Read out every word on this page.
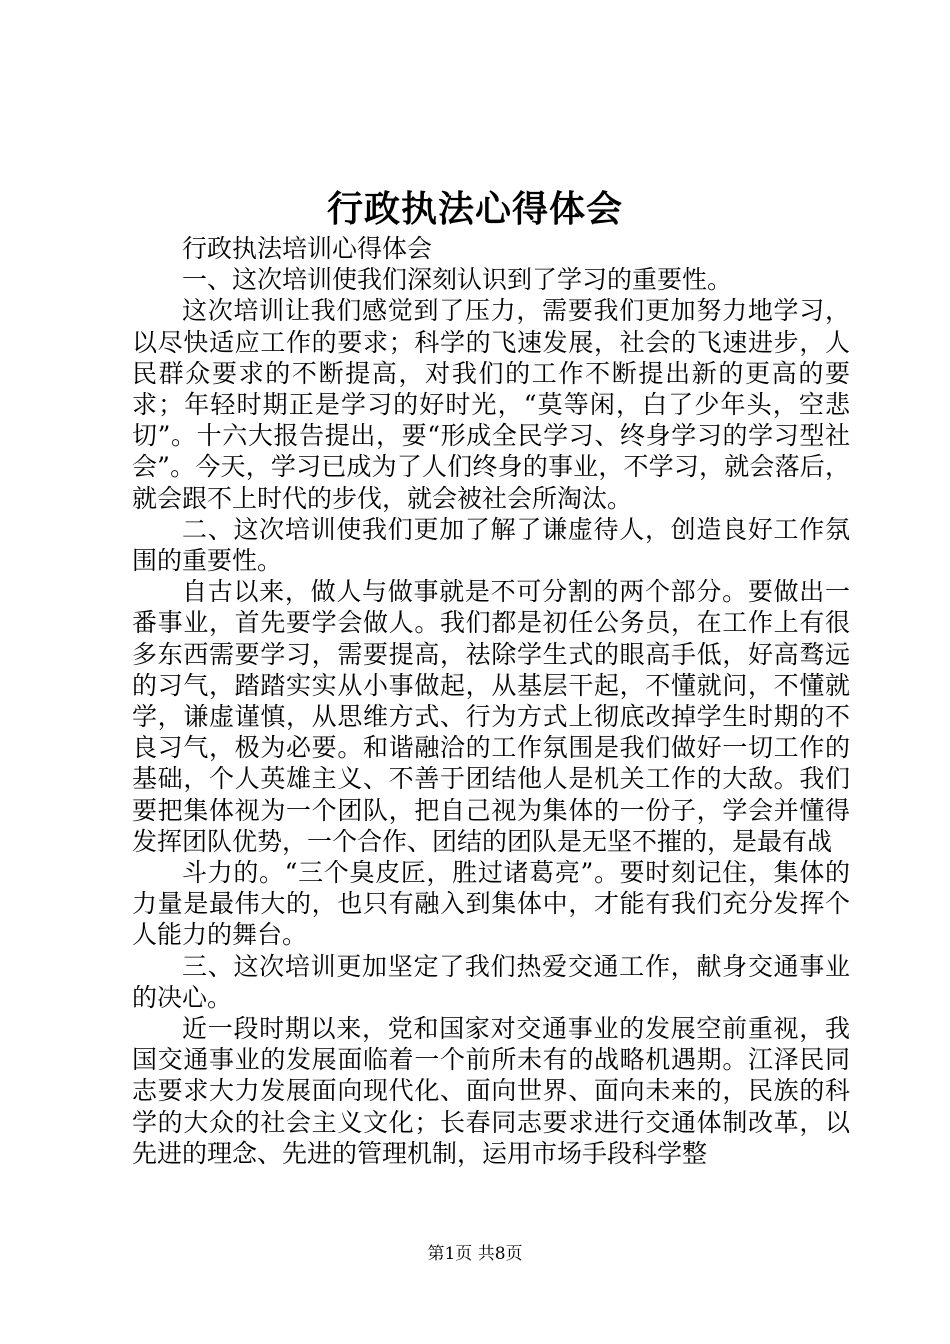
行政执法心得体会

行政执法培训心得体会

一、这次培训使我们深刻认识到了学习的重要性。

这次培训让我们感觉到了压力，需要我们更加努力地学习，以尽快适应工作的要求；科学的飞速发展，社会的飞速进步，人民群众要求的不断提高，对我们的工作不断提出新的更高的要求；年轻时期正是学习的好时光，“莫等闲，白了少年头，空悲切”。十六大报告提出，要“形成全民学习、终身学习的学习型社会”。今天，学习已成为了人们终身的事业，不学习，就会落后，就会跟不上时代的步伐，就会被社会所淘汰。

二、这次培训使我们更加了解了谦虚待人，创造良好工作氛围的重要性。

自古以来，做人与做事就是不可分割的两个部分。要做出一番事业，首先要学会做人。我们都是初任公务员，在工作上有很多东西需要学习，需要提高，祛除学生式的眼高手低，好高骛远的习气，踏踏实实从小事做起，从基层干起，不懂就问，不懂就学，谦虚谨慎，从思维方式、行为方式上彻底改掉学生时期的不良习气，极为必要。和谐融洽的工作氛围是我们做好一切工作的基础，个人英雄主义、不善于团结他人是机关工作的大敌。我们要把集体视为一个团队，把自己视为集体的一份子，学会并懂得发挥团队优势，一个合作、团结的团队是无坚不摧的，是最有战

斗力的。“三个臭皮匠，胜过诸葛亮”。要时刻记住，集体的力量是最伟大的，也只有融入到集体中，才能有我们充分发挥个人能力的舞台。

三、这次培训更加坚定了我们热爱交通工作，献身交通事业的决心。

近一段时期以来，党和国家对交通事业的发展空前重视，我国交通事业的发展面临着一个前所未有的战略机遇期。江泽民同志要求大力发展面向现代化、面向世界、面向未来的，民族的科学的大众的社会主义文化；长春同志要求进行交通体制改革，以先进的理念、先进的管理机制，运用市场手段科学整

第1页 共8页
